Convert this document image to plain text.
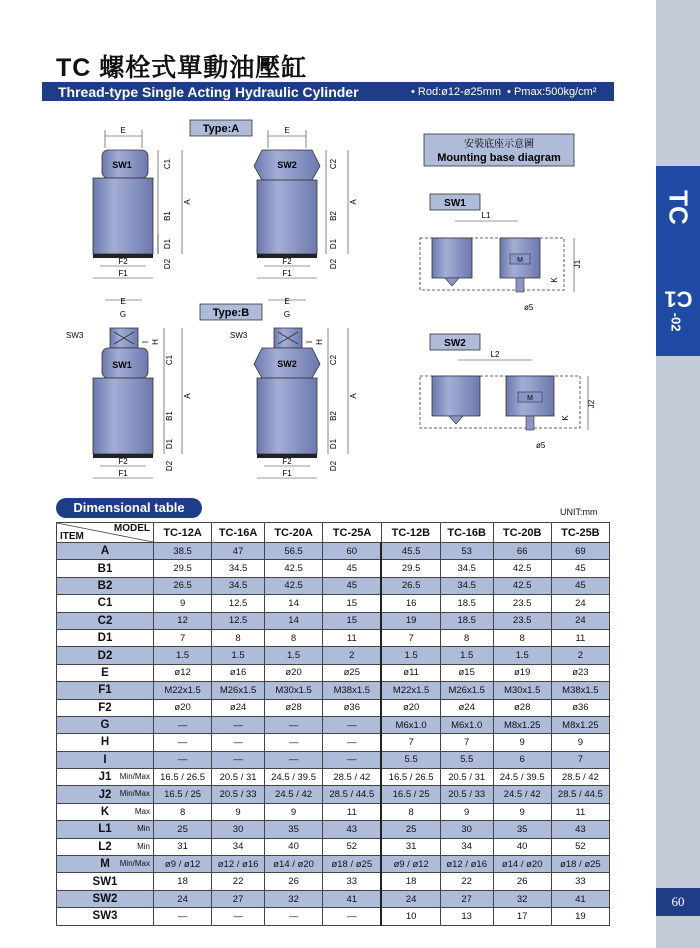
TC
C1-02
60
TC 螺栓式單動油壓缸
Thread-type Single Acting Hydraulic Cylinder	• Rod:ø12-ø25mm • Pmax:500kg/cm²
Type:A
E
SW1
F2
F1
C1
B1
A
D1
D2
E
SW2
F2
F1
C2
B2
A
D1
D2
Type:B
E
G
SW3
SW1
F2
F1
I H
C1
B1
A
D1
D2
E
G
SW3
SW2
F2
F1
I H
C2
B2
A
D1
D2
安裝底座示意圖
Mounting base diagram
SW1
L1
M
ø5
J1
K
SW2
L2
M
ø5
J2
K
Dimensional table	UNIT:mm
MODEL
ITEM	TC-12A	TC-16A	TC-20A	TC-25A	TC-12B	TC-16B	TC-20B	TC-25B
A	38.5	47	56.5	60	45.5	53	66	69
B1	29.5	34.5	42.5	45	29.5	34.5	42.5	45
B2	26.5	34.5	42.5	45	26.5	34.5	42.5	45
C1	9	12.5	14	15	16	18.5	23.5	24
C2	12	12.5	14	15	19	18.5	23.5	24
D1	7	8	8	11	7	8	8	11
D2	1.5	1.5	1.5	2	1.5	1.5	1.5	2
E	ø12	ø16	ø20	ø25	ø11	ø15	ø19	ø23
F1	M22x1.5	M26x1.5	M30x1.5	M38x1.5	M22x1.5	M26x1.5	M30x1.5	M38x1.5
F2	ø20	ø24	ø28	ø36	ø20	ø24	ø28	ø36
G	—	—	—	—	M6x1.0	M6x1.0	M8x1.25	M8x1.25
H	—	—	—	—	7	7	9	9
I	—	—	—	—	5.5	5.5	6	7
J1 Min/Max	16.5 / 26.5	20.5 / 31	24.5 / 39.5	28.5 / 42	16.5 / 26.5	20.5 / 31	24.5 / 39.5	28.5 / 42
J2 Min/Max	16.5 / 25	20.5 / 33	24.5 / 42	28.5 / 44.5	16.5 / 25	20.5 / 33	24.5 / 42	28.5 / 44.5
K Max	8	9	9	11	8	9	9	11
L1 Min	25	30	35	43	25	30	35	43
L2 Min	31	34	40	52	31	34	40	52
M Min/Max	ø9 / ø12	ø12 / ø16	ø14 / ø20	ø18 / ø25	ø9 / ø12	ø12 / ø16	ø14 / ø20	ø18 / ø25
SW1	18	22	26	33	18	22	26	33
SW2	24	27	32	41	24	27	32	41
SW3	—	—	—	—	10	13	17	19
